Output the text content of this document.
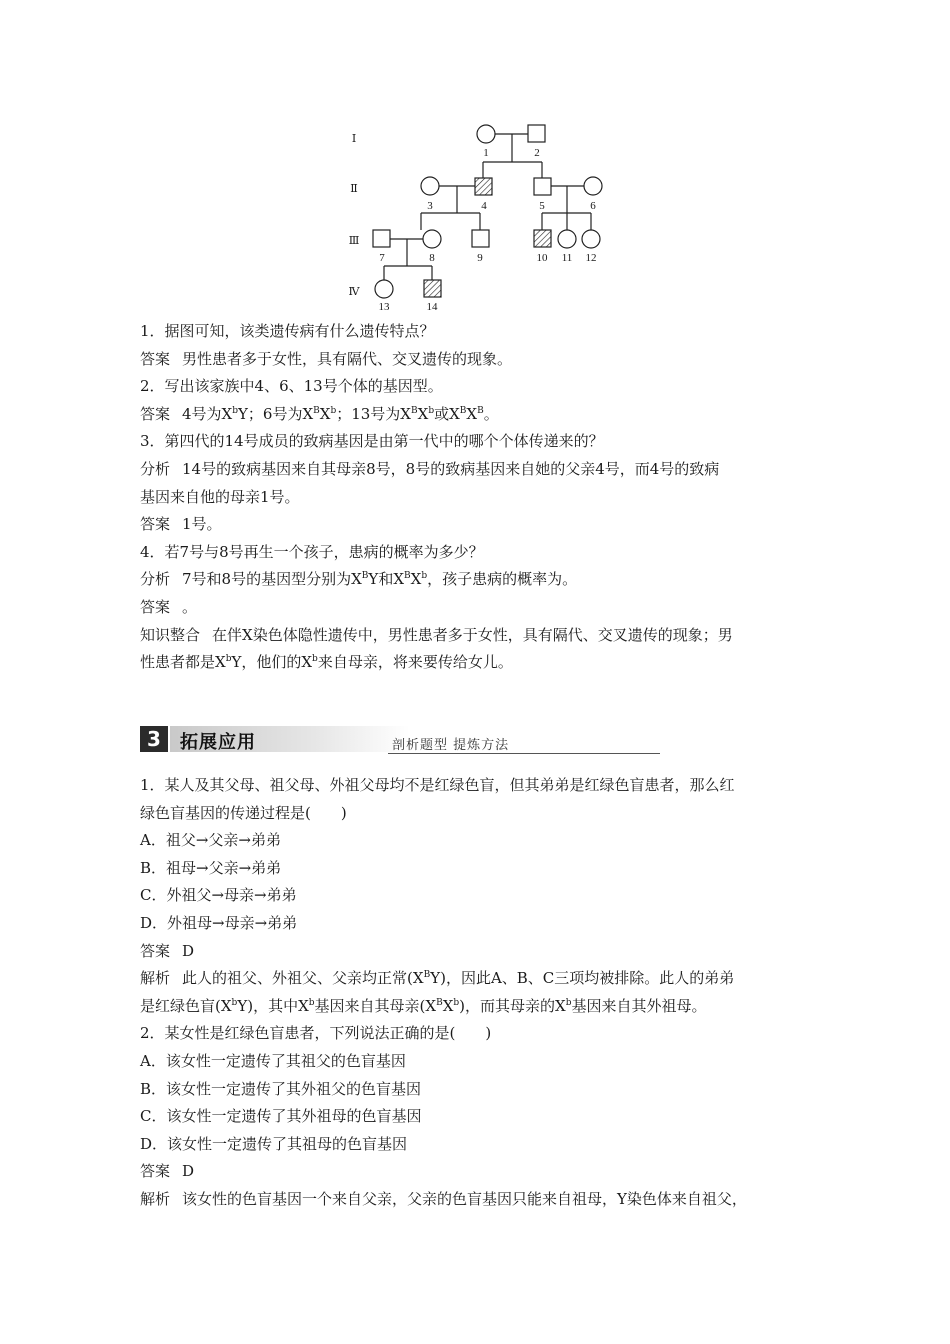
Ⅰ
Ⅱ
Ⅲ
Ⅳ
1	2
3	4	5	6
7	8	9	10 11 12
13	14
1．据图可知，该类遗传病有什么遗传特点？
答案 男性患者多于女性，具有隔代、交叉遗传的现象。
2．写出该家族中4、6、13号个体的基因型。
答案 4号为$X^bY$；6号为$X^BX^b$；13号为$X^BX^b$或$X^BX^B$。
3．第四代的14号成员的致病基因是由第一代中的哪个个体传递来的？
分析 14号的致病基因来自其母亲8号，8号的致病基因来自她的父亲4号，而4号的致病
基因来自他的母亲1号。
答案 1号。
4．若7号与8号再生一个孩子，患病的概率为多少？
分析 7号和8号的基因型分别为$X^BY$和$X^BX^b$，孩子患病的概率为。
答案 。
知识整合 在伴X染色体隐性遗传中，男性患者多于女性，具有隔代、交叉遗传的现象；男
性患者都是$X^bY$，他们的$X^b$来自母亲，将来要传给女儿。
3	拓展应用	剖析题型 提炼方法
1．某人及其父母、祖父母、外祖父母均不是红绿色盲，但其弟弟是红绿色盲患者，那么红
绿色盲基因的传递过程是(　　)
A．祖父→父亲→弟弟
B．祖母→父亲→弟弟
C．外祖父→母亲→弟弟
D．外祖母→母亲→弟弟
答案 D
解析 此人的祖父、外祖父、父亲均正常$(X^BY)$，因此A、B、C三项均被排除。此人的弟弟
是红绿色盲$(X^bY)$，其中$X^b$基因来自其母亲$(X^BX^b)$，而其母亲的$X^b$基因来自其外祖母。
2．某女性是红绿色盲患者，下列说法正确的是(　　)
A．该女性一定遗传了其祖父的色盲基因
B．该女性一定遗传了其外祖父的色盲基因
C．该女性一定遗传了其外祖母的色盲基因
D．该女性一定遗传了其祖母的色盲基因
答案 D
解析 该女性的色盲基因一个来自父亲，父亲的色盲基因只能来自祖母，Y染色体来自祖父，
